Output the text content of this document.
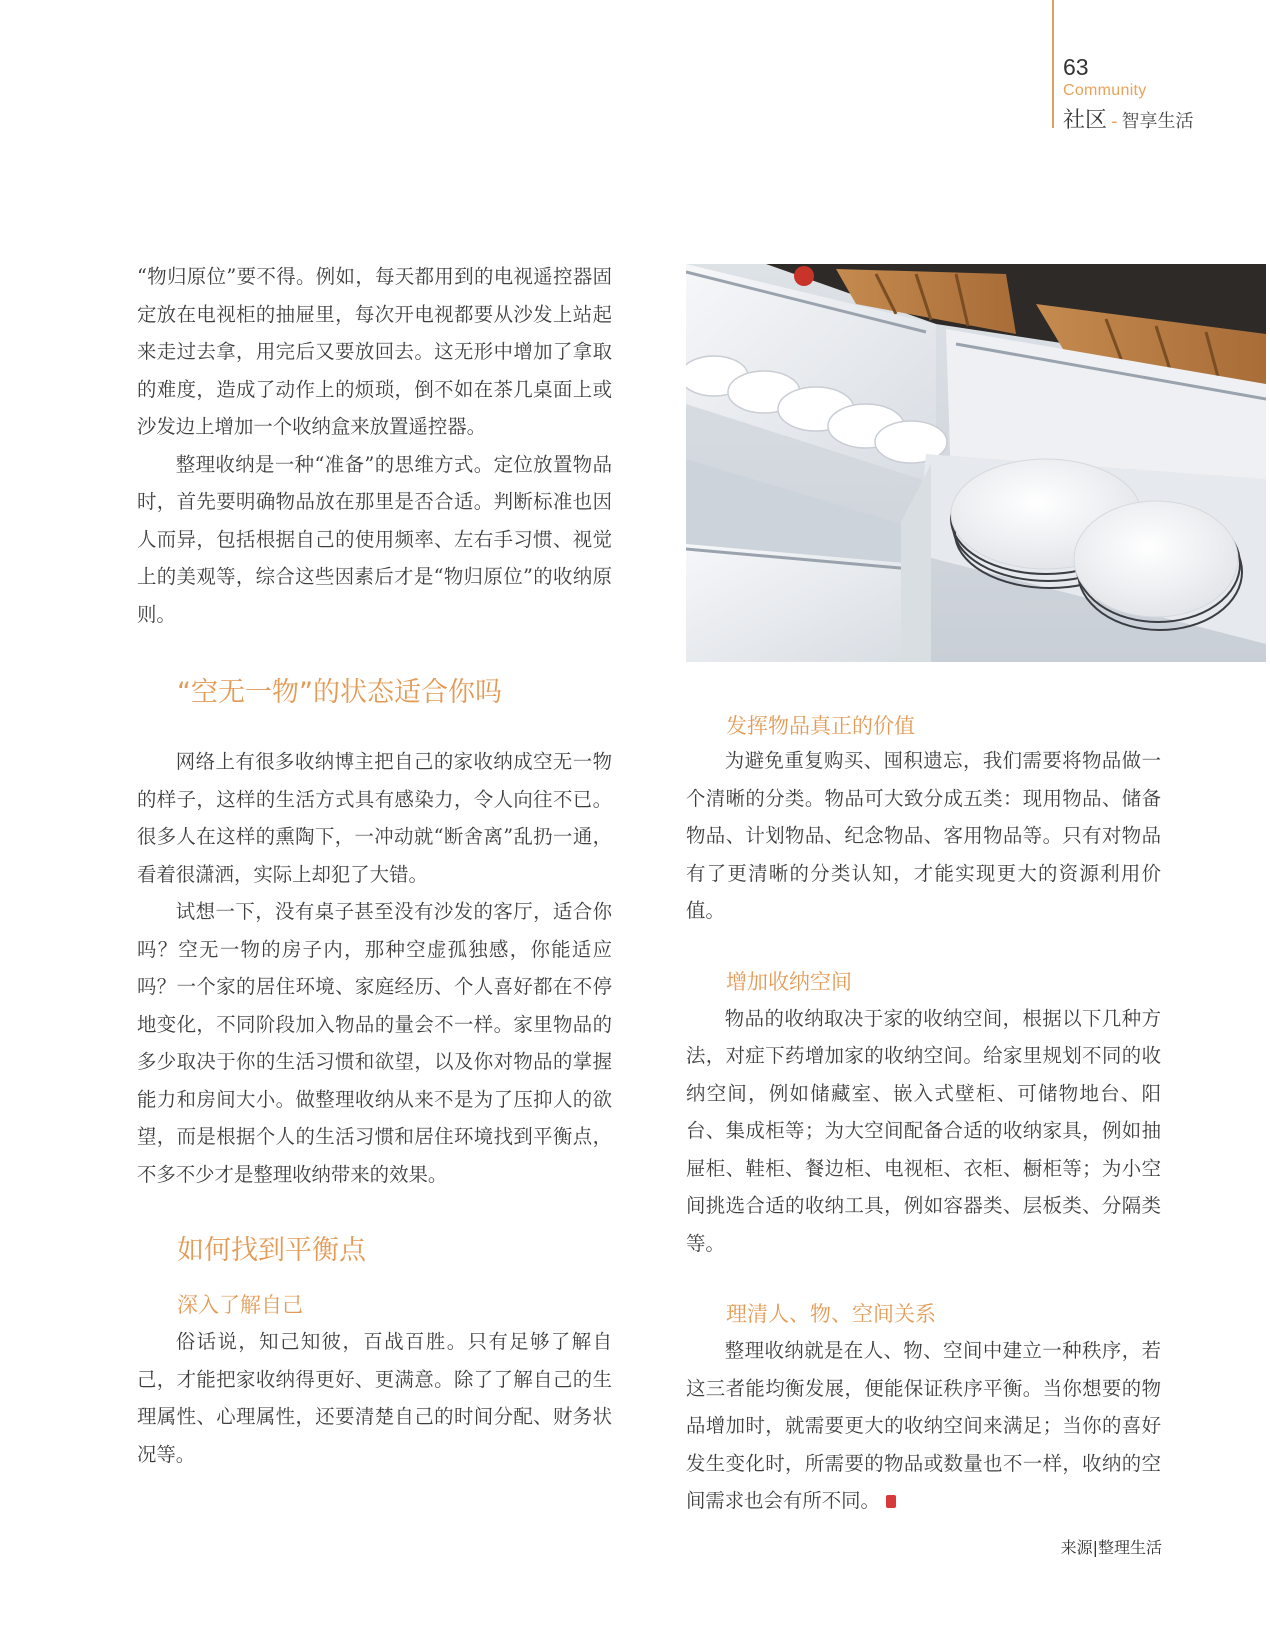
63
Community
社区 - 智享生活

“物归原位”要不得。例如，每天都用到的电视遥控器固定放在电视柜的抽屉里，每次开电视都要从沙发上站起来走过去拿，用完后又要放回去。这无形中增加了拿取的难度，造成了动作上的烦琐，倒不如在茶几桌面上或沙发边上增加一个收纳盒来放置遥控器。

整理收纳是一种“准备”的思维方式。定位放置物品时，首先要明确物品放在那里是否合适。判断标准也因人而异，包括根据自己的使用频率、左右手习惯、视觉上的美观等，综合这些因素后才是“物归原位”的收纳原则。

“空无一物”的状态适合你吗

网络上有很多收纳博主把自己的家收纳成空无一物的样子，这样的生活方式具有感染力，令人向往不已。很多人在这样的熏陶下，一冲动就“断舍离”乱扔一通，看着很潇洒，实际上却犯了大错。

试想一下，没有桌子甚至没有沙发的客厅，适合你吗？空无一物的房子内，那种空虚孤独感，你能适应吗？一个家的居住环境、家庭经历、个人喜好都在不停地变化，不同阶段加入物品的量会不一样。家里物品的多少取决于你的生活习惯和欲望，以及你对物品的掌握能力和房间大小。做整理收纳从来不是为了压抑人的欲望，而是根据个人的生活习惯和居住环境找到平衡点，不多不少才是整理收纳带来的效果。

如何找到平衡点
深入了解自己

俗话说，知己知彼，百战百胜。只有足够了解自己，才能把家收纳得更好、更满意。除了了解自己的生理属性、心理属性，还要清楚自己的时间分配、财务状况等。

发挥物品真正的价值

为避免重复购买、囤积遗忘，我们需要将物品做一个清晰的分类。物品可大致分成五类：现用物品、储备物品、计划物品、纪念物品、客用物品等。只有对物品有了更清晰的分类认知，才能实现更大的资源利用价值。

增加收纳空间

物品的收纳取决于家的收纳空间，根据以下几种方法，对症下药增加家的收纳空间。给家里规划不同的收纳空间，例如储藏室、嵌入式壁柜、可储物地台、阳台、集成柜等；为大空间配备合适的收纳家具，例如抽屉柜、鞋柜、餐边柜、电视柜、衣柜、橱柜等；为小空间挑选合适的收纳工具，例如容器类、层板类、分隔类等。

理清人、物、空间关系

整理收纳就是在人、物、空间中建立一种秩序，若这三者能均衡发展，便能保证秩序平衡。当你想要的物品增加时，就需要更大的收纳空间来满足；当你的喜好发生变化时，所需要的物品或数量也不一样，收纳的空间需求也会有所不同。

来源|整理生活
